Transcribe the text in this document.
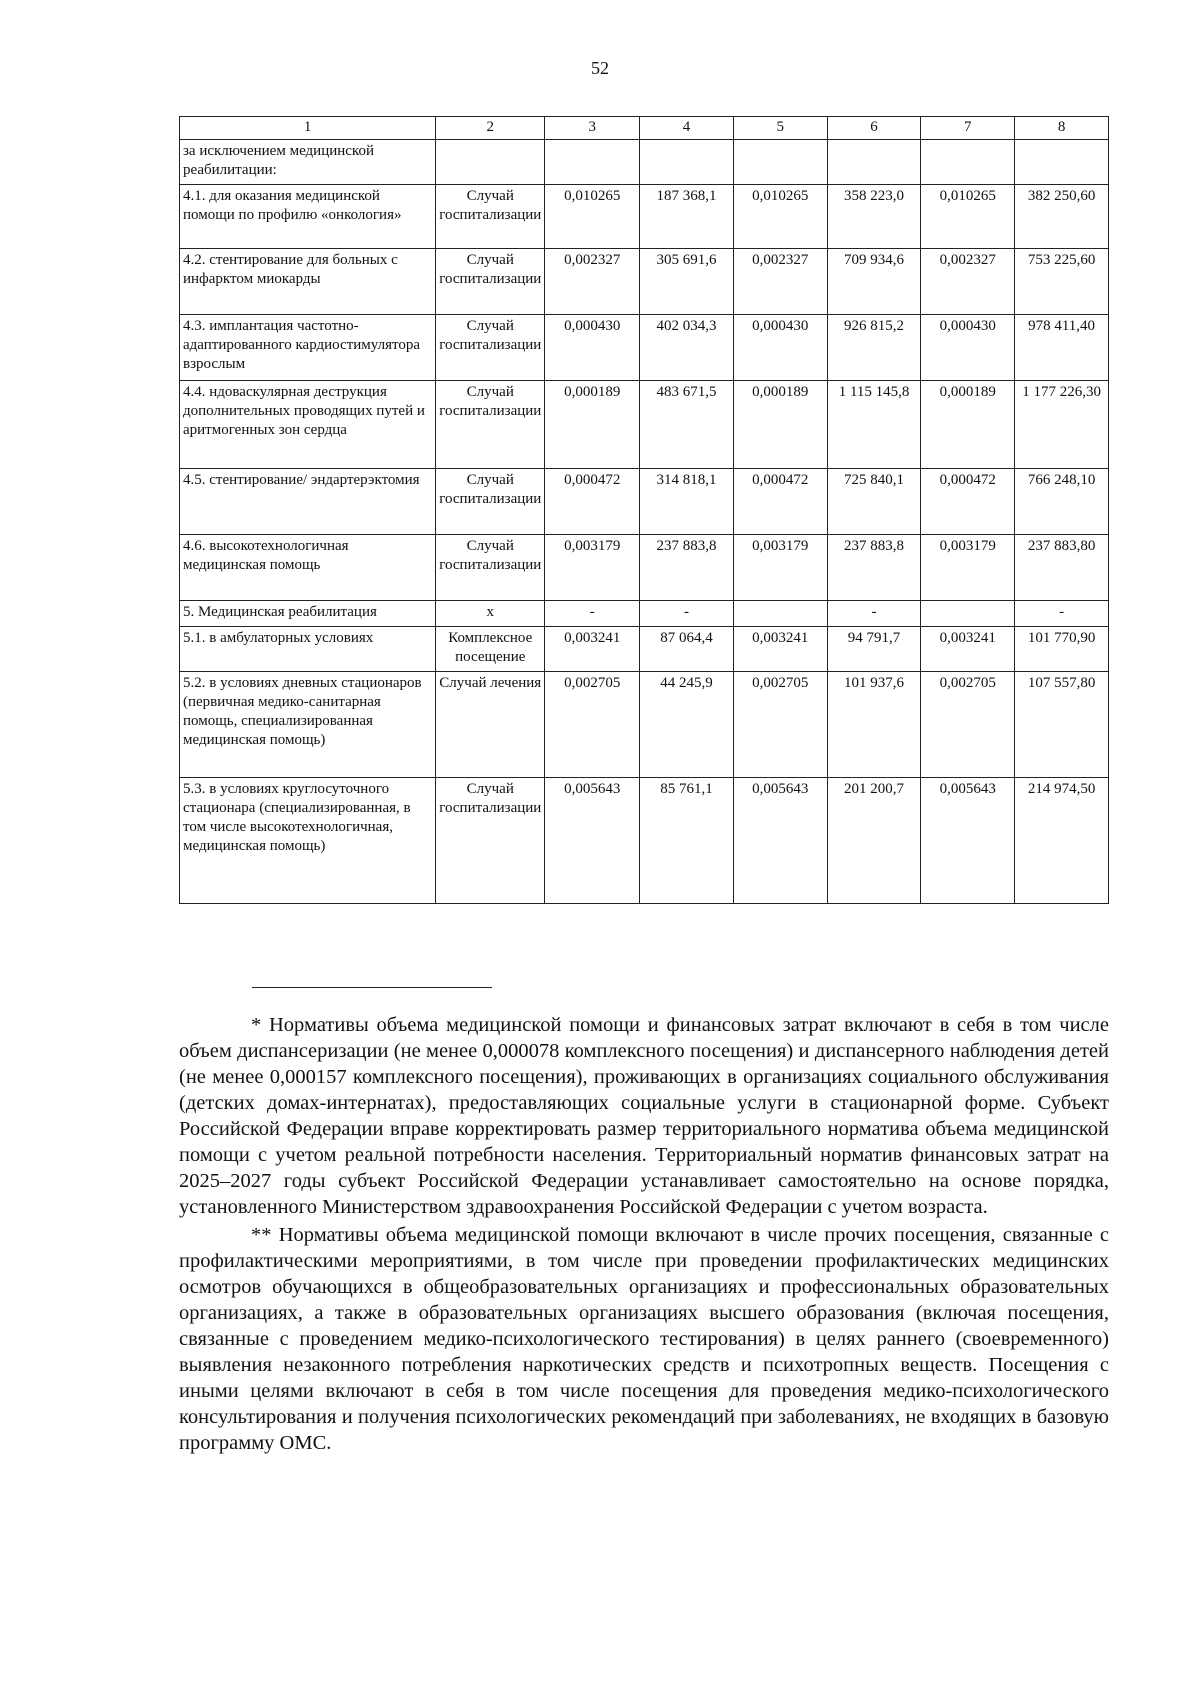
52
1	2	3	4	5	6	7	8
за исключением медицинской реабилитации:							
4.1. для оказания медицинской помощи по профилю «онкология»	Случай госпитализации	0,010265	187 368,1	0,010265	358 223,0	0,010265	382 250,60
4.2. стентирование для больных с инфарктом миокарды	Случай госпитализации	0,002327	305 691,6	0,002327	709 934,6	0,002327	753 225,60
4.3. имплантация частотно-адаптированного кардиостимулятора взрослым	Случай госпитализации	0,000430	402 034,3	0,000430	926 815,2	0,000430	978 411,40
4.4. ндоваскулярная деструкция дополнительных проводящих путей и аритмогенных зон сердца	Случай госпитализации	0,000189	483 671,5	0,000189	1 115 145,8	0,000189	1 177 226,30
4.5. стентирование/ эндартерэктомия	Случай госпитализации	0,000472	314 818,1	0,000472	725 840,1	0,000472	766 248,10
4.6. высокотехнологичная медицинская помощь	Случай госпитализации	0,003179	237 883,8	0,003179	237 883,8	0,003179	237 883,80
5. Медицинская реабилитация	x	-	-		-		-
5.1. в амбулаторных условиях	Комплексное посещение	0,003241	87 064,4	0,003241	94 791,7	0,003241	101 770,90
5.2. в условиях дневных стационаров (первичная медико-санитарная помощь, специализированная медицинская помощь)	Случай лечения	0,002705	44 245,9	0,002705	101 937,6	0,002705	107 557,80
5.3. в условиях круглосуточного стационара (специализированная, в том числе высокотехнологичная, медицинская помощь)	Случай госпитализации	0,005643	85 761,1	0,005643	201 200,7	0,005643	214 974,50

* Нормативы объема медицинской помощи и финансовых затрат включают в себя в том числе объем диспансеризации (не менее 0,000078 комплексного посещения) и диспансерного наблюдения детей (не менее 0,000157 комплексного посещения), проживающих в организациях социального обслуживания (детских домах-интернатах), предоставляющих социальные услуги в стационарной форме. Субъект Российской Федерации вправе корректировать размер территориального норматива объема медицинской помощи с учетом реальной потребности населения. Территориальный норматив финансовых затрат на 2025–2027 годы субъект Российской Федерации устанавливает самостоятельно на основе порядка, установленного Министерством здравоохранения Российской Федерации с учетом возраста.

** Нормативы объема медицинской помощи включают в числе прочих посещения, связанные с профилактическими мероприятиями, в том числе при проведении профилактических медицинских осмотров обучающихся в общеобразовательных организациях и профессиональных образовательных организациях, а также в образовательных организациях высшего образования (включая посещения, связанные с проведением медико-психологического тестирования) в целях раннего (своевременного) выявления незаконного потребления наркотических средств и психотропных веществ. Посещения с иными целями включают в себя в том числе посещения для проведения медико-психологического консультирования и получения психологических рекомендаций при заболеваниях, не входящих в базовую программу ОМС.
